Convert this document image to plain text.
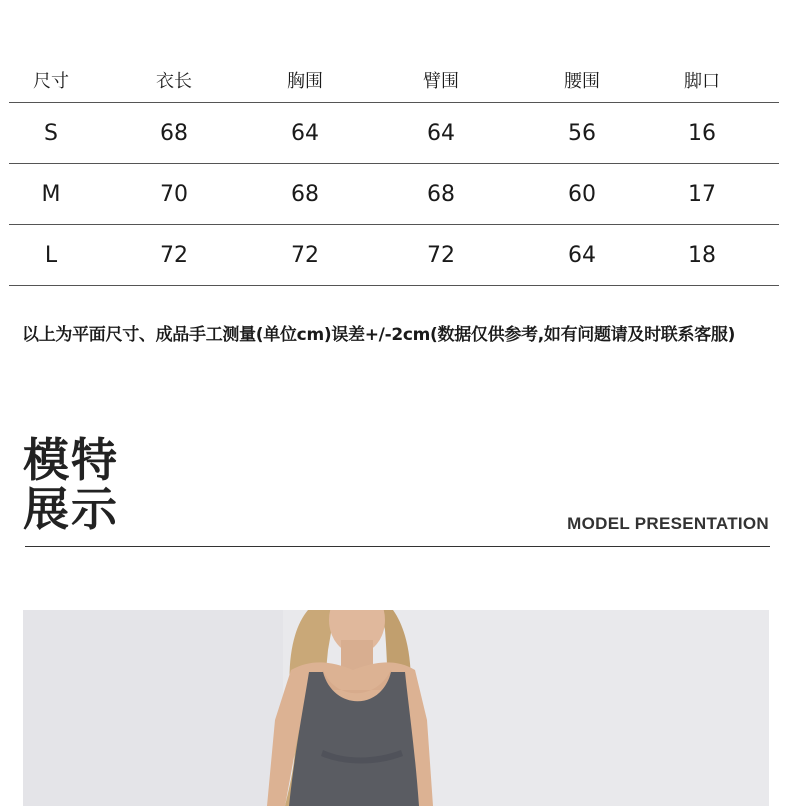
尺寸	衣长	胸围	臂围	腰围	脚口
S	68	64	64	56	16
M	70	68	68	60	17
L	72	72	72	64	18
以上为平面尺寸、成品手工测量(单位cm)误差+/-2cm(数据仅供参考,如有问题请及时联系客服)
模特
展示	MODEL PRESENTATION
